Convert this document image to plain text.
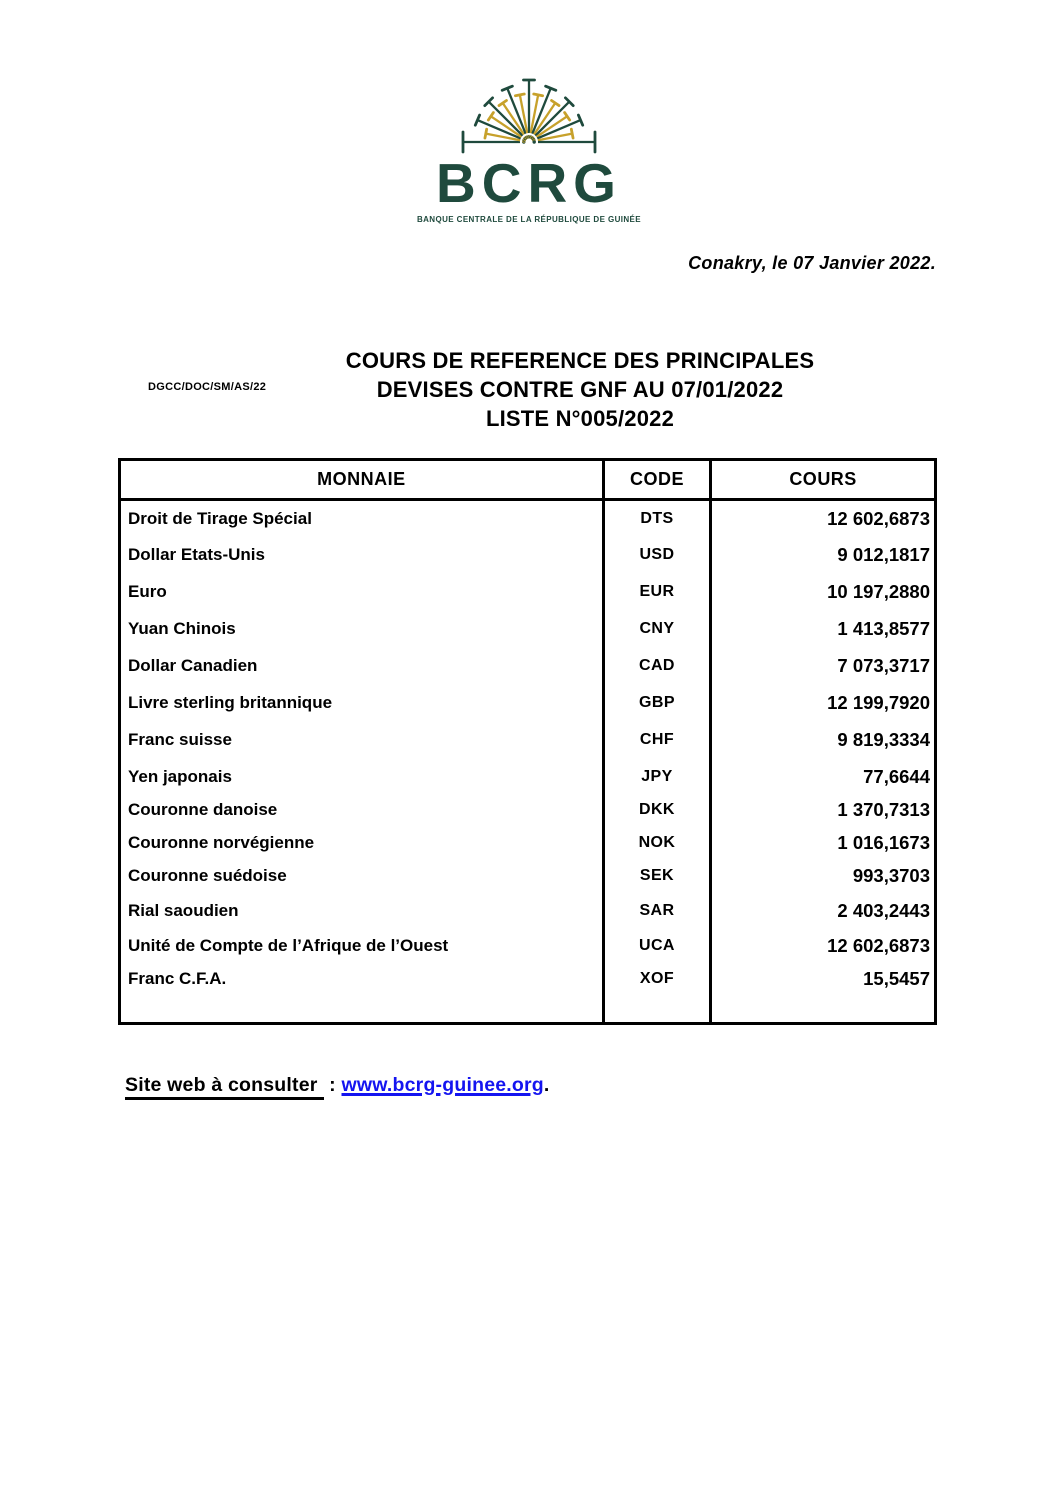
BCRG
BANQUE CENTRALE DE LA RÉPUBLIQUE DE GUINÉE
Conakry, le 07 Janvier 2022.
DGCC/DOC/SM/AS/22
COURS DE REFERENCE DES PRINCIPALES
DEVISES CONTRE GNF AU 07/01/2022
LISTE N°005/2022
MONNAIE	CODE	COURS
Droit de Tirage Spécial	DTS	12 602,6873
Dollar Etats-Unis	USD	9 012,1817
Euro	EUR	10 197,2880
Yuan Chinois	CNY	1 413,8577
Dollar Canadien	CAD	7 073,3717
Livre sterling britannique	GBP	12 199,7920
Franc suisse	CHF	9 819,3334
Yen japonais	JPY	77,6644
Couronne danoise	DKK	1 370,7313
Couronne norvégienne	NOK	1 016,1673
Couronne suédoise	SEK	993,3703
Rial saoudien	SAR	2 403,2443
Unité de Compte de l’Afrique de l’Ouest	UCA	12 602,6873
Franc C.F.A.	XOF	15,5457

Site web à consulter : www.bcrg-guinee.org.
